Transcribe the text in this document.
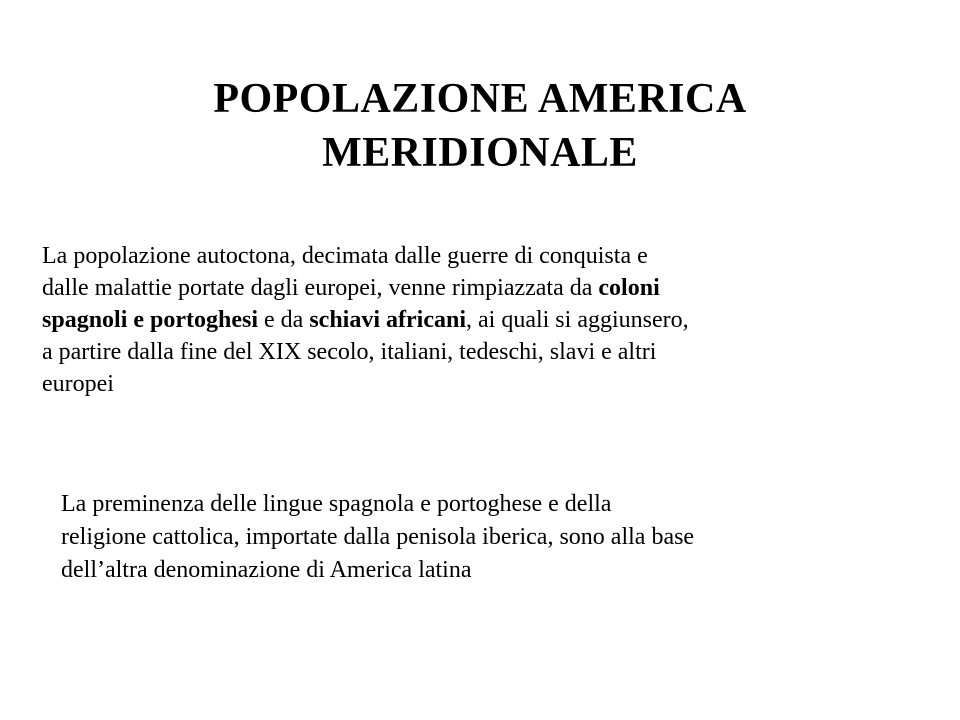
POPOLAZIONE AMERICA
MERIDIONALE
La popolazione autoctona, decimata dalle guerre di conquista e
dalle malattie portate dagli europei, venne rimpiazzata da coloni
spagnoli e portoghesi e da schiavi africani, ai quali si aggiunsero,
a partire dalla fine del XIX secolo, italiani, tedeschi, slavi e altri
europei
La preminenza delle lingue spagnola e portoghese e della
religione cattolica, importate dalla penisola iberica, sono alla base
dell’altra denominazione di America latina
